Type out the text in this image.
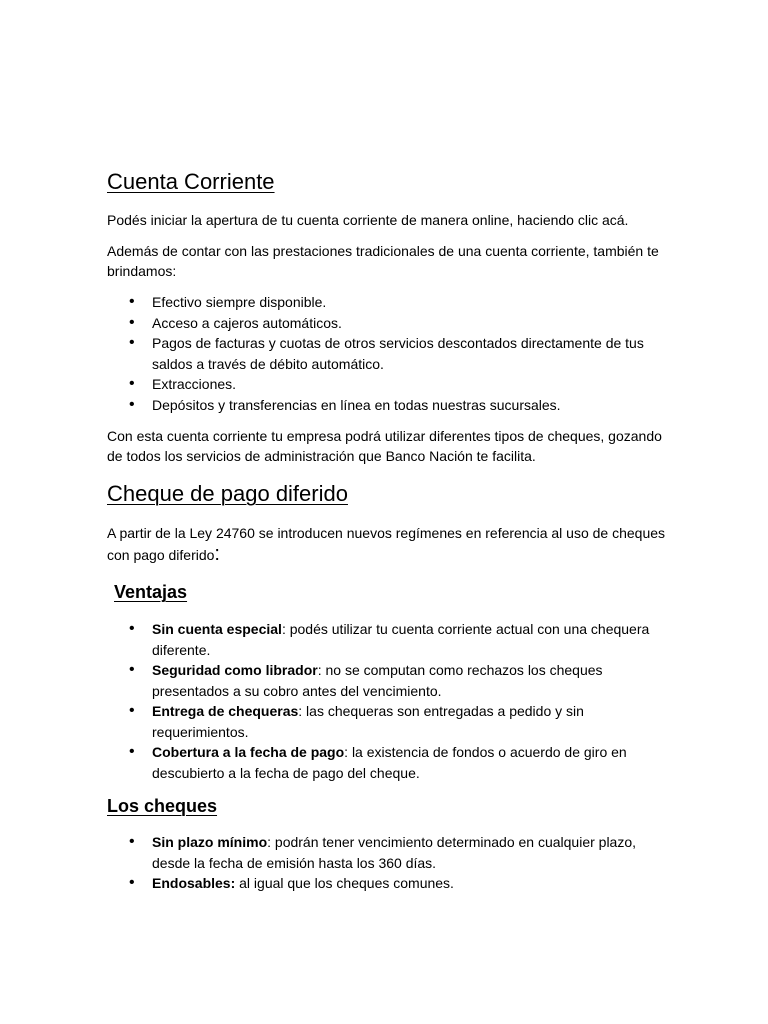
Cuenta Corriente

Podés iniciar la apertura de tu cuenta corriente de manera online, haciendo clic acá.

Además de contar con las prestaciones tradicionales de una cuenta corriente, también te brindamos:

• Efectivo siempre disponible.
• Acceso a cajeros automáticos.
• Pagos de facturas y cuotas de otros servicios descontados directamente de tus saldos a través de débito automático.
• Extracciones.
• Depósitos y transferencias en línea en todas nuestras sucursales.

Con esta cuenta corriente tu empresa podrá utilizar diferentes tipos de cheques, gozando de todos los servicios de administración que Banco Nación te facilita.

Cheque de pago diferido

A partir de la Ley 24760 se introducen nuevos regímenes en referencia al uso de cheques con pago diferido:

Ventajas
• Sin cuenta especial: podés utilizar tu cuenta corriente actual con una chequera diferente.
• Seguridad como librador: no se computan como rechazos los cheques presentados a su cobro antes del vencimiento.
• Entrega de chequeras: las chequeras son entregadas a pedido y sin requerimientos.
• Cobertura a la fecha de pago: la existencia de fondos o acuerdo de giro en descubierto a la fecha de pago del cheque.
Los cheques
• Sin plazo mínimo: podrán tener vencimiento determinado en cualquier plazo, desde la fecha de emisión hasta los 360 días.
• Endosables: al igual que los cheques comunes.
